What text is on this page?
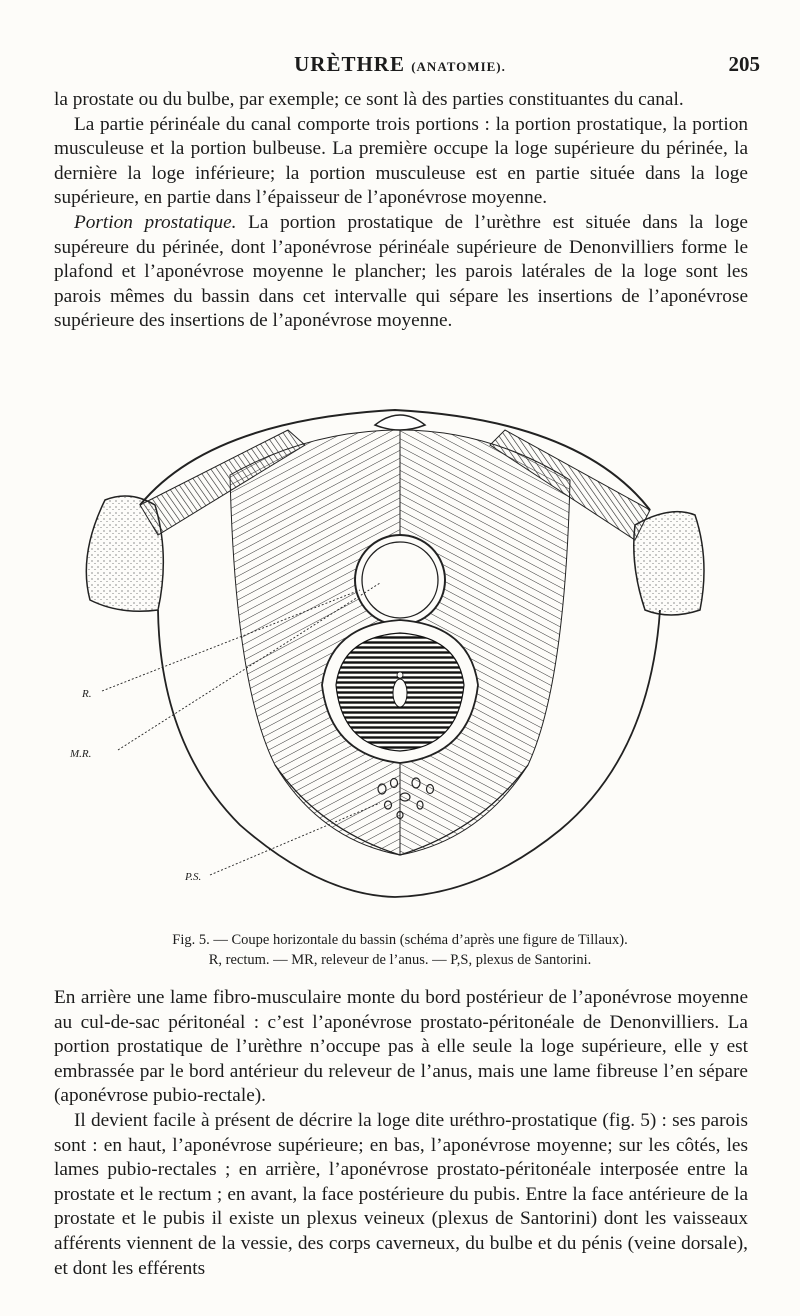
URÈTHRE (ANATOMIE).	205

la prostate ou du bulbe, par exemple; ce sont là des parties constituantes du canal.

La partie périnéale du canal comporte trois portions : la portion prostatique, la portion musculeuse et la portion bulbeuse. La première occupe la loge supérieure du périnée, la dernière la loge inférieure; la portion musculeuse est en partie située dans la loge supérieure, en partie dans l’épaisseur de l’aponévrose moyenne.

Portion prostatique. La portion prostatique de l’urèthre est située dans la loge supéreure du périnée, dont l’aponévrose périnéale supérieure de Denonvilliers forme le plafond et l’aponévrose moyenne le plancher; les parois latérales de la loge sont les parois mêmes du bassin dans cet intervalle qui sépare les insertions de l’aponévrose supérieure des insertions de l’aponévrose moyenne.

R.
M.R.
P.S.
Fig. 5. — Coupe horizontale du bassin (schéma d’après une figure de Tillaux).
R, rectum. — MR, releveur de l’anus. — P,S, plexus de Santorini.

En arrière une lame fibro-musculaire monte du bord postérieur de l’aponévrose moyenne au cul-de-sac péritonéal : c’est l’aponévrose prostato-péritonéale de Denonvilliers. La portion prostatique de l’urèthre n’occupe pas à elle seule la loge supérieure, elle y est embrassée par le bord antérieur du releveur de l’anus, mais une lame fibreuse l’en sépare (aponévrose pubio-rectale).

Il devient facile à présent de décrire la loge dite uréthro-prostatique (fig. 5) : ses parois sont : en haut, l’aponévrose supérieure; en bas, l’aponévrose moyenne; sur les côtés, les lames pubio-rectales ; en arrière, l’aponévrose prostato-péritonéale interposée entre la prostate et le rectum ; en avant, la face postérieure du pubis. Entre la face antérieure de la prostate et le pubis il existe un plexus veineux (plexus de Santorini) dont les vaisseaux afférents viennent de la vessie, des corps caverneux, du bulbe et du pénis (veine dorsale), et dont les efférents
